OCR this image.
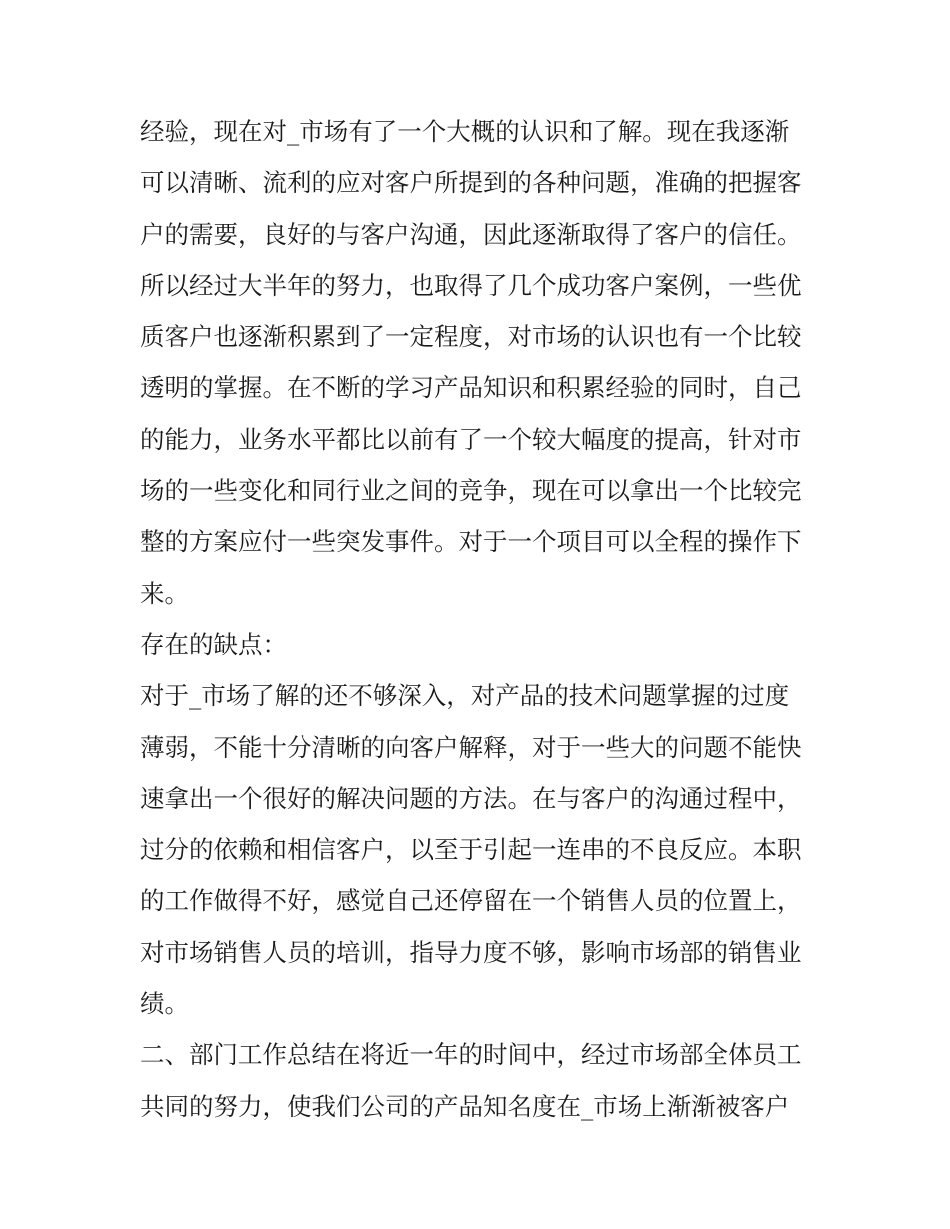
经验，现在对_市场有了一个大概的认识和了解。现在我逐渐
可以清晰、流利的应对客户所提到的各种问题，准确的把握客
户的需要，良好的与客户沟通，因此逐渐取得了客户的信任。
所以经过大半年的努力，也取得了几个成功客户案例，一些优
质客户也逐渐积累到了一定程度，对市场的认识也有一个比较
透明的掌握。在不断的学习产品知识和积累经验的同时，自己
的能力，业务水平都比以前有了一个较大幅度的提高，针对市
场的一些变化和同行业之间的竞争，现在可以拿出一个比较完
整的方案应付一些突发事件。对于一个项目可以全程的操作下
来。
存在的缺点：
对于_市场了解的还不够深入，对产品的技术问题掌握的过度
薄弱，不能十分清晰的向客户解释，对于一些大的问题不能快
速拿出一个很好的解决问题的方法。在与客户的沟通过程中，
过分的依赖和相信客户，以至于引起一连串的不良反应。本职
的工作做得不好，感觉自己还停留在一个销售人员的位置上，
对市场销售人员的培训，指导力度不够，影响市场部的销售业
绩。
二、部门工作总结在将近一年的时间中，经过市场部全体员工
共同的努力，使我们公司的产品知名度在_市场上渐渐被客户
